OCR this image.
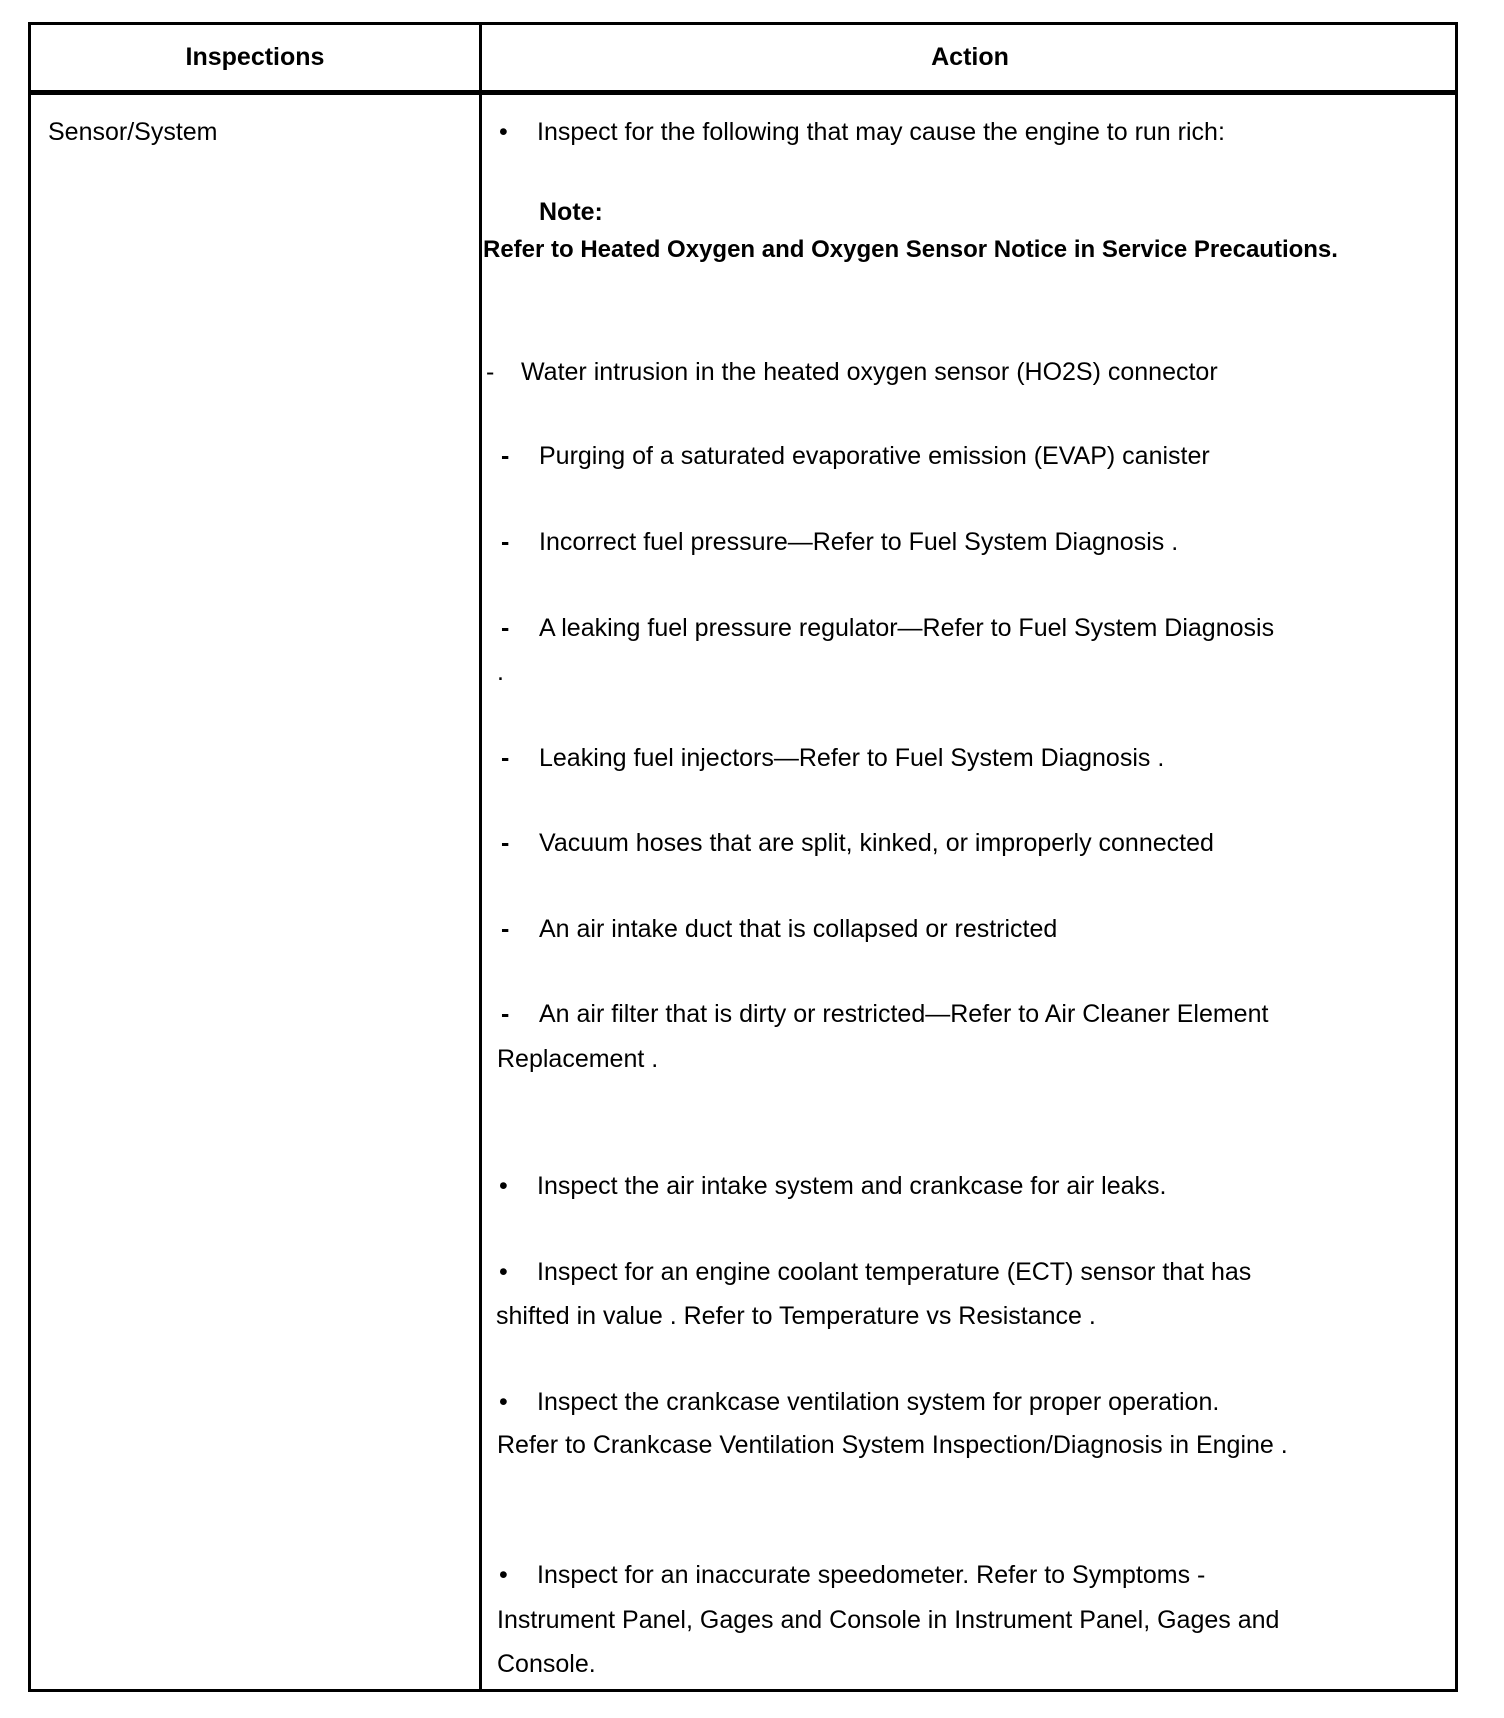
Inspections	Action
Sensor/System	• Inspect for the following that may cause the engine to run rich:
Note:
Refer to Heated Oxygen and Oxygen Sensor Notice in Service Precautions.
- Water intrusion in the heated oxygen sensor (HO2S) connector
- Purging of a saturated evaporative emission (EVAP) canister
- Incorrect fuel pressure—Refer to Fuel System Diagnosis .
- A leaking fuel pressure regulator—Refer to Fuel System Diagnosis
.
- Leaking fuel injectors—Refer to Fuel System Diagnosis .
- Vacuum hoses that are split, kinked, or improperly connected
- An air intake duct that is collapsed or restricted
- An air filter that is dirty or restricted—Refer to Air Cleaner Element
Replacement .
• Inspect the air intake system and crankcase for air leaks.
• Inspect for an engine coolant temperature (ECT) sensor that has
shifted in value . Refer to Temperature vs Resistance .
• Inspect the crankcase ventilation system for proper operation.
Refer to Crankcase Ventilation System Inspection/Diagnosis in Engine .
• Inspect for an inaccurate speedometer. Refer to Symptoms -
Instrument Panel, Gages and Console in Instrument Panel, Gages and
Console.
